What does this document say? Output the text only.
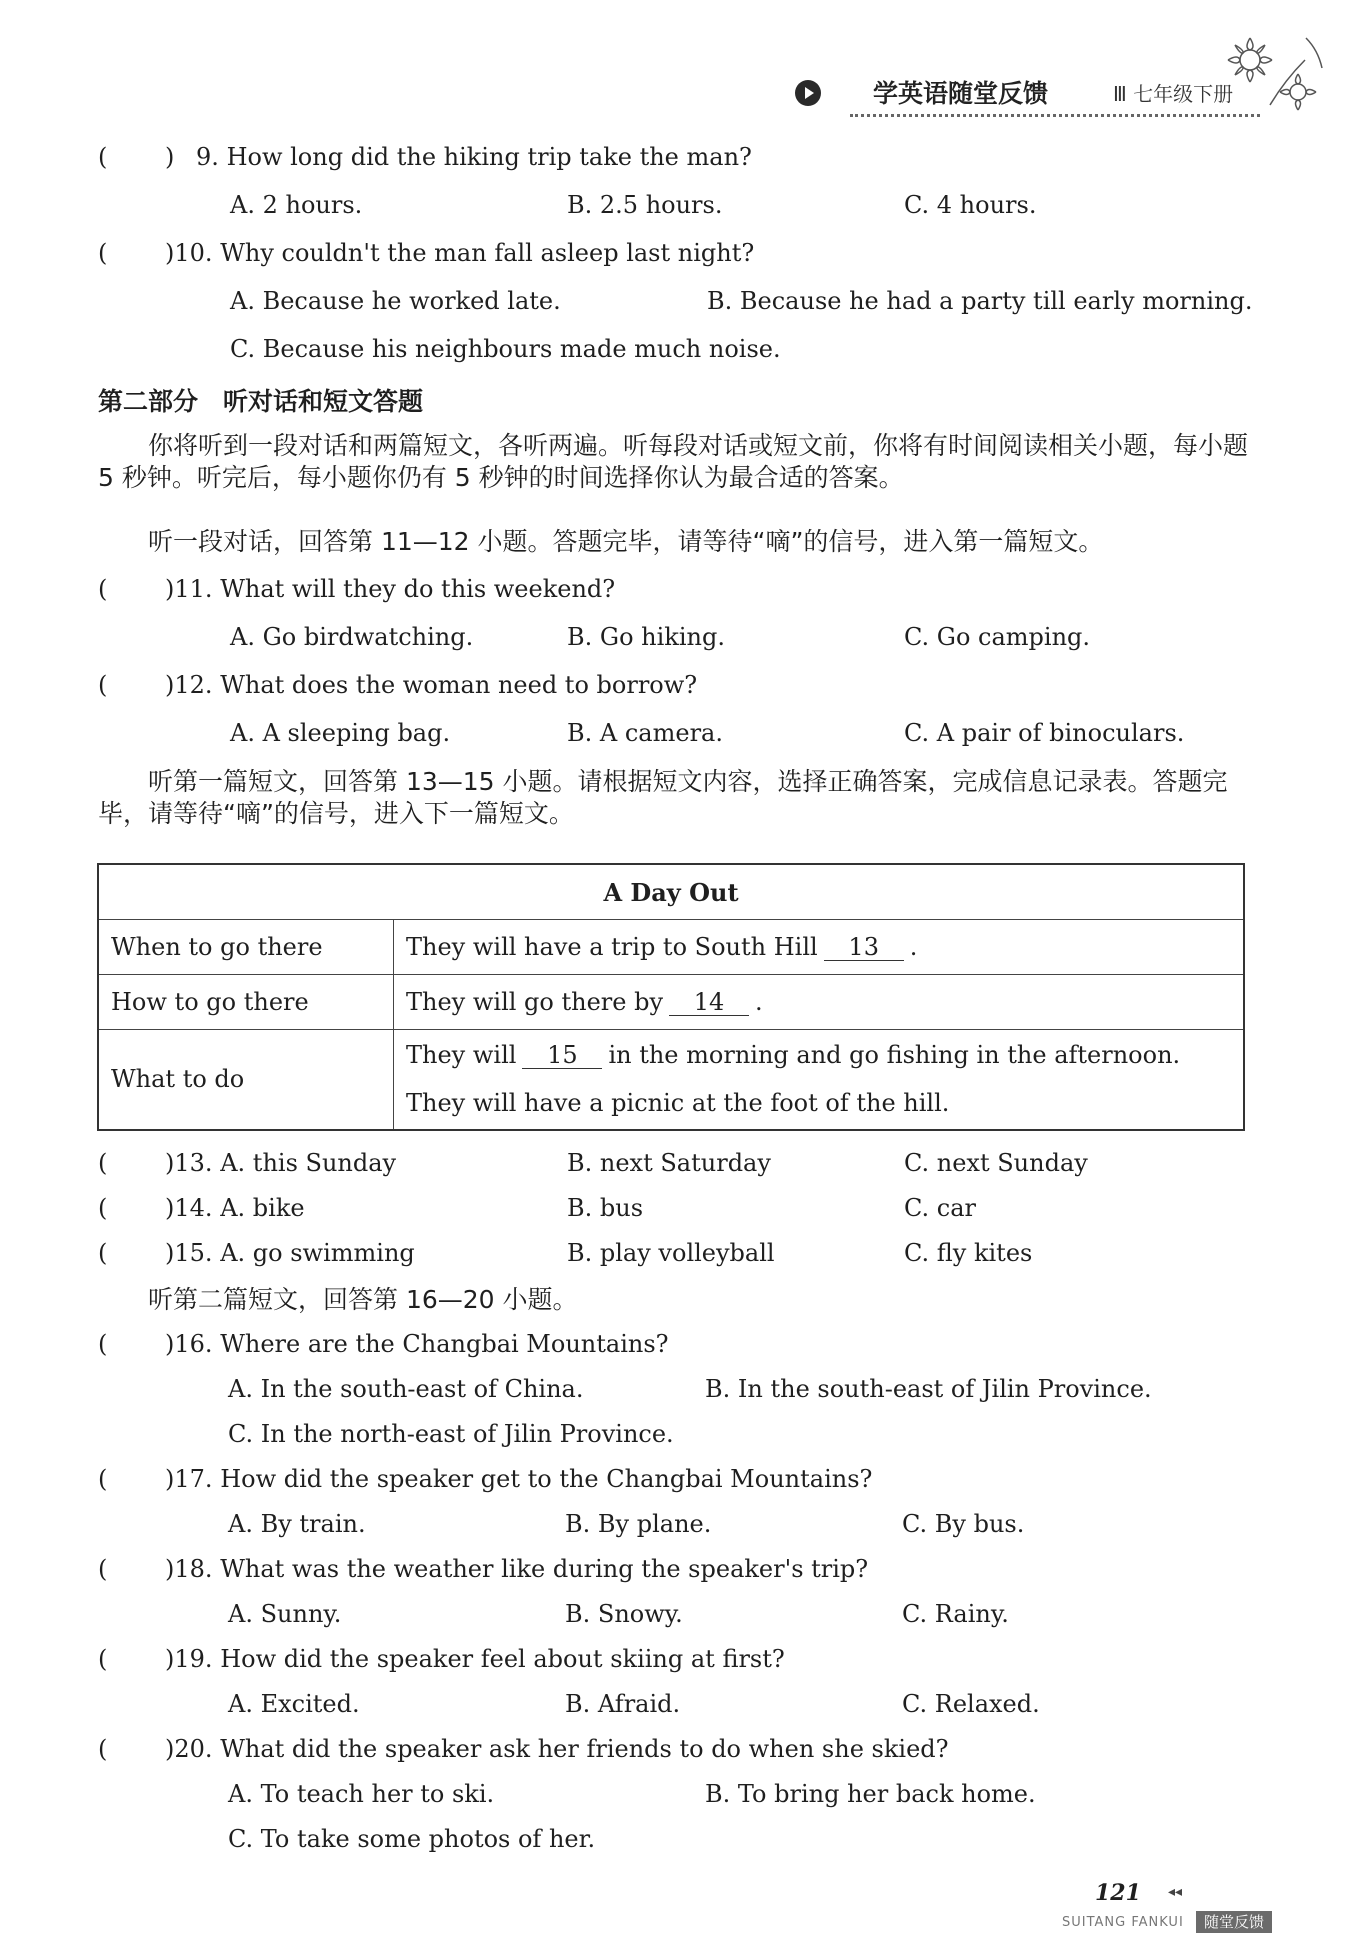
学英语随堂反馈	Ⅲ 七年级下册
( ) 9. How long did the hiking trip take the man?
A. 2 hours.	B. 2.5 hours.	C. 4 hours.
( )10. Why couldn't the man fall asleep last night?
A. Because he worked late.	B. Because he had a party till early morning.
C. Because his neighbours made much noise.
第二部分　听对话和短文答题
你将听到一段对话和两篇短文，各听两遍。听每段对话或短文前，你将有时间阅读相关小题，每小题 5 秒钟。听完后，每小题你仍有 5 秒钟的时间选择你认为最合适的答案。
听一段对话，回答第 11—12 小题。答题完毕，请等待“嘀”的信号，进入第一篇短文。
( )11. What will they do this weekend?
A. Go birdwatching.	B. Go hiking.	C. Go camping.
( )12. What does the woman need to borrow?
A. A sleeping bag.	B. A camera.	C. A pair of binoculars.
听第一篇短文，回答第 13—15 小题。请根据短文内容，选择正确答案，完成信息记录表。答题完毕，请等待“嘀”的信号，进入下一篇短文。
A Day Out	
When to go there	They will have a trip to South Hill 13 .
How to go there	They will go there by 14 .
What to do	They will 15 in the morning and go fishing in the afternoon.
They will have a picnic at the foot of the hill.
( )13. A. this Sunday	B. next Saturday	C. next Sunday
( )14. A. bike	B. bus	C. car
( )15. A. go swimming	B. play volleyball	C. fly kites
听第二篇短文，回答第 16—20 小题。
( )16. Where are the Changbai Mountains?
A. In the south-east of China.	B. In the south-east of Jilin Province.
C. In the north-east of Jilin Province.
( )17. How did the speaker get to the Changbai Mountains?
A. By train.	B. By plane.	C. By bus.
( )18. What was the weather like during the speaker's trip?
A. Sunny.	B. Snowy.	C. Rainy.
( )19. How did the speaker feel about skiing at first?
A. Excited.	B. Afraid.	C. Relaxed.
( )20. What did the speaker ask her friends to do when she skied?
A. To teach her to ski.	B. To bring her back home.
C. To take some photos of her.
121 ◂◂
SUITANG FANKUI	随堂反馈
